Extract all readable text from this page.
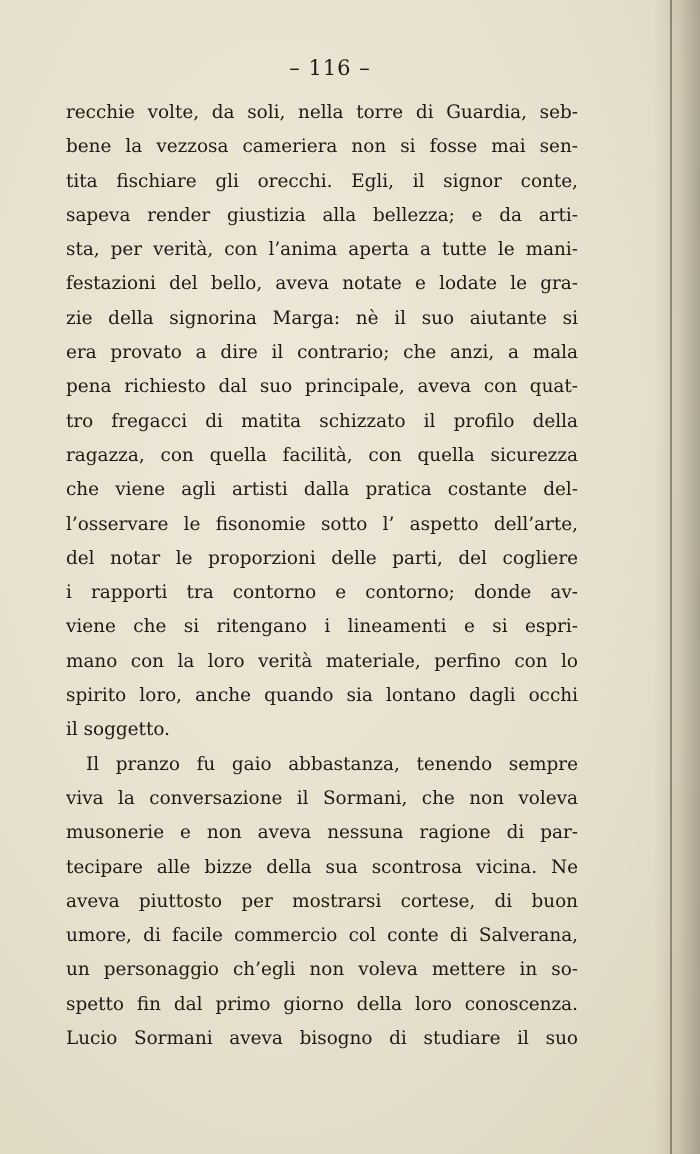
– 116 –
recchie volte, da soli, nella torre di Guardia, seb-
bene la vezzosa cameriera non si fosse mai sen-
tita fischiare gli orecchi. Egli, il signor conte,
sapeva render giustizia alla bellezza; e da arti-
sta, per verità, con l’anima aperta a tutte le mani-
festazioni del bello, aveva notate e lodate le gra-
zie della signorina Marga: nè il suo aiutante si
era provato a dire il contrario; che anzi, a mala
pena richiesto dal suo principale, aveva con quat-
tro fregacci di matita schizzato il profilo della
ragazza, con quella facilità, con quella sicurezza
che viene agli artisti dalla pratica costante del-
l’osservare le fisonomie sotto l’ aspetto dell’arte,
del notar le proporzioni delle parti, del cogliere
i rapporti tra contorno e contorno; donde av-
viene che si ritengano i lineamenti e si espri-
mano con la loro verità materiale, perfino con lo
spirito loro, anche quando sia lontano dagli occhi
il soggetto.
Il pranzo fu gaio abbastanza, tenendo sempre
viva la conversazione il Sormani, che non voleva
musonerie e non aveva nessuna ragione di par-
tecipare alle bizze della sua scontrosa vicina. Ne
aveva piuttosto per mostrarsi cortese, di buon
umore, di facile commercio col conte di Salverana,
un personaggio ch’egli non voleva mettere in so-
spetto fin dal primo giorno della loro conoscenza.
Lucio Sormani aveva bisogno di studiare il suo
